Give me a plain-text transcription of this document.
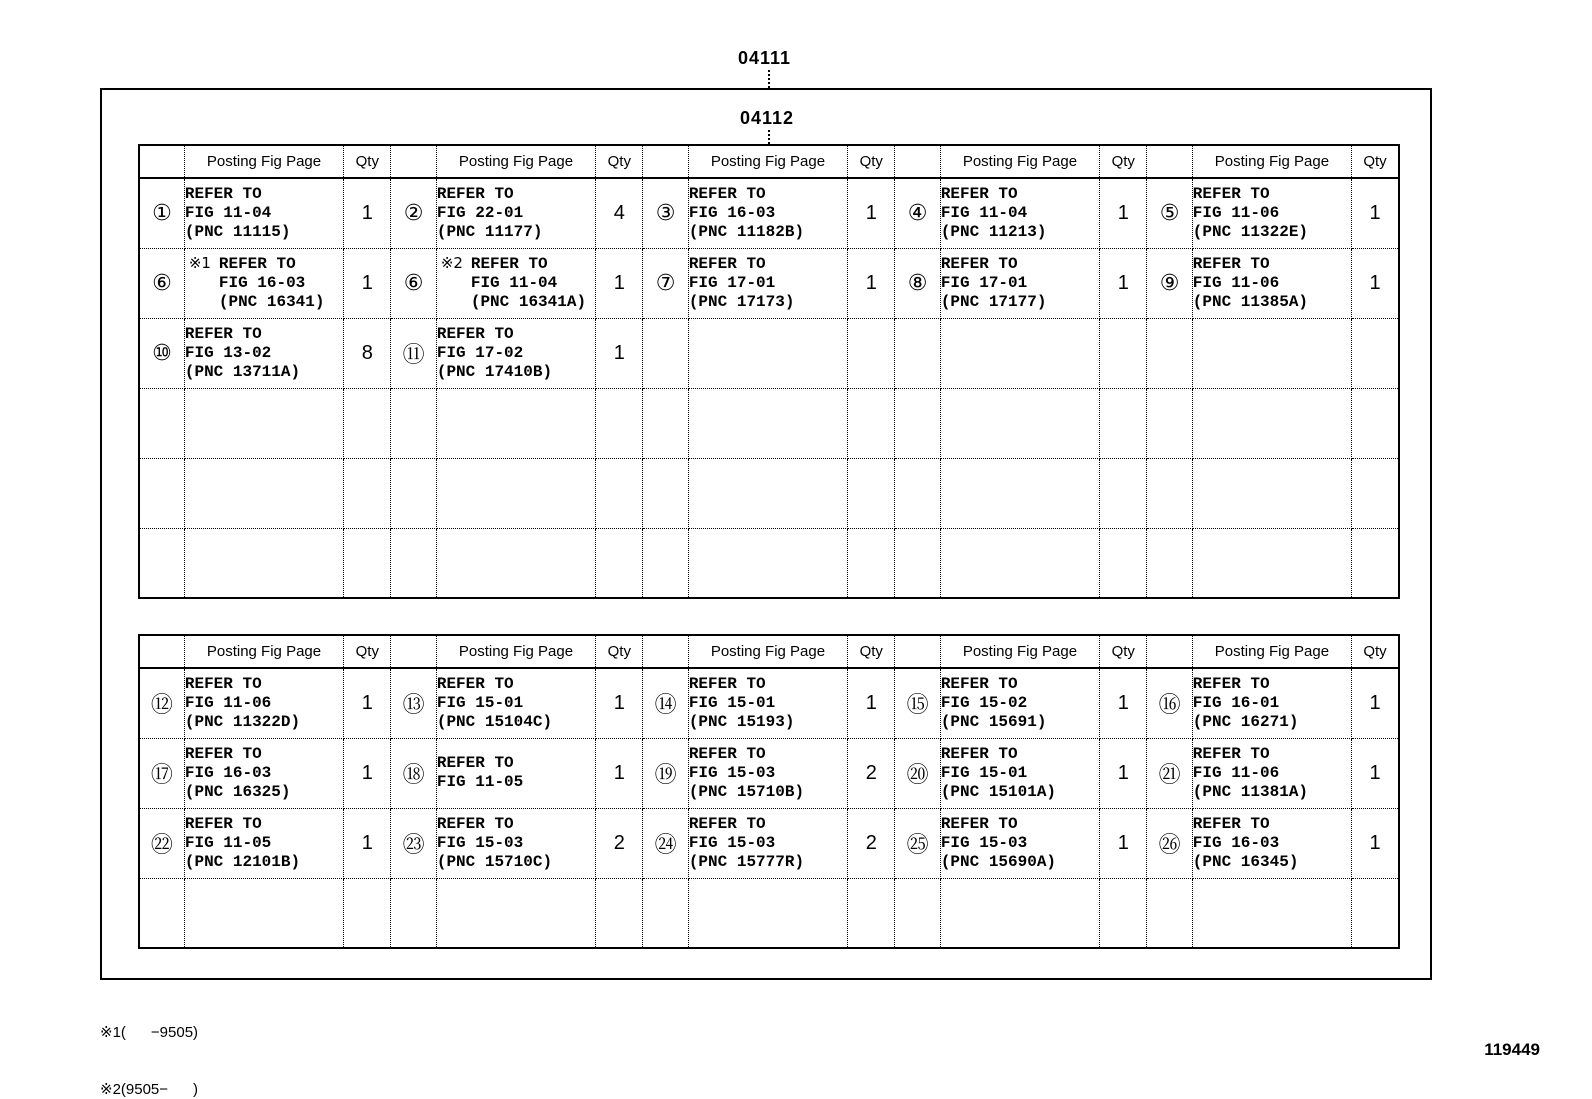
04111
04112
	Posting Fig Page	Qty		Posting Fig Page	Qty		Posting Fig Page	Qty		Posting Fig Page	Qty		Posting Fig Page	Qty
①	REFER TO
FIG 11-04
(PNC 11115)	1	②	REFER TO
FIG 22-01
(PNC 11177)	4	③	REFER TO
FIG 16-03
(PNC 11182B)	1	④	REFER TO
FIG 11-04
(PNC 11213)	1	⑤	REFER TO
FIG 11-06
(PNC 11322E)	1
⑥	※1 REFER TO
FIG 16-03
(PNC 16341)	1	⑥	※2 REFER TO
FIG 11-04
(PNC 16341A)	1	⑦	REFER TO
FIG 17-01
(PNC 17173)	1	⑧	REFER TO
FIG 17-01
(PNC 17177)	1	⑨	REFER TO
FIG 11-06
(PNC 11385A)	1
⑩	REFER TO
FIG 13-02
(PNC 13711A)	8	⑪	REFER TO
FIG 17-02
(PNC 17410B)	1									

	Posting Fig Page	Qty		Posting Fig Page	Qty		Posting Fig Page	Qty		Posting Fig Page	Qty		Posting Fig Page	Qty
⑫	REFER TO
FIG 11-06
(PNC 11322D)	1	⑬	REFER TO
FIG 15-01
(PNC 15104C)	1	⑭	REFER TO
FIG 15-01
(PNC 15193)	1	⑮	REFER TO
FIG 15-02
(PNC 15691)	1	⑯	REFER TO
FIG 16-01
(PNC 16271)	1
⑰	REFER TO
FIG 16-03
(PNC 16325)	1	⑱	REFER TO
FIG 11-05	1	⑲	REFER TO
FIG 15-03
(PNC 15710B)	2	⑳	REFER TO
FIG 15-01
(PNC 15101A)	1	㉑	REFER TO
FIG 11-06
(PNC 11381A)	1
㉒	REFER TO
FIG 11-05
(PNC 12101B)	1	㉓	REFER TO
FIG 15-03
(PNC 15710C)	2	㉔	REFER TO
FIG 15-03
(PNC 15777R)	2	㉕	REFER TO
FIG 15-03
(PNC 15690A)	1	㉖	REFER TO
FIG 16-03
(PNC 16345)	1

※1(      −9505)

※2(9505−      )

119449
